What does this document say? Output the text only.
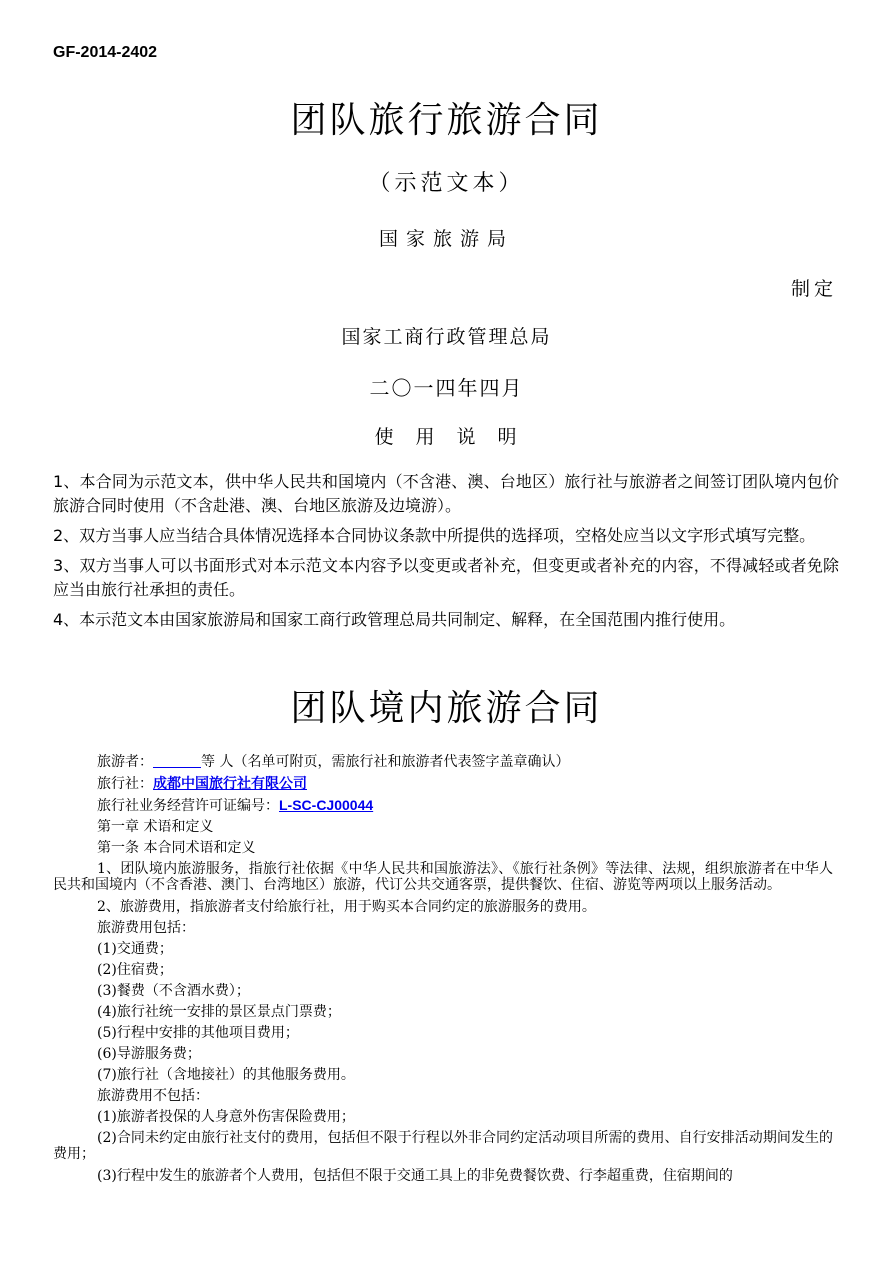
GF-2014-2402
团队旅行旅游合同
（示范文本）
国家旅游局
制定
国家工商行政管理总局
二〇一四年四月
使用说明

1、本合同为示范文本，供中华人民共和国境内（不含港、澳、台地区）旅行社与旅游者之间签订团队境内包价旅游合同时使用（不含赴港、澳、台地区旅游及边境游）。

2、双方当事人应当结合具体情况选择本合同协议条款中所提供的选择项，空格处应当以文字形式填写完整。

3、双方当事人可以书面形式对本示范文本内容予以变更或者补充，但变更或者补充的内容，不得减轻或者免除应当由旅行社承担的责任。

4、本示范文本由国家旅游局和国家工商行政管理总局共同制定、解释，在全国范围内推行使用。

团队境内旅游合同
旅游者：	等 人（名单可附页，需旅行社和旅游者代表签字盖章确认）
旅行社：成都中国旅行社有限公司
旅行社业务经营许可证编号：L-SC-CJ00044
第一章 术语和定义
第一条 本合同术语和定义
1、团队境内旅游服务，指旅行社依据《中华人民共和国旅游法》、《旅行社条例》等法律、法规，组织旅游者在中华人民共和国境内（不含香港、澳门、台湾地区）旅游，代订公共交通客票，提供餐饮、住宿、游览等两项以上服务活动。
2、旅游费用，指旅游者支付给旅行社，用于购买本合同约定的旅游服务的费用。
旅游费用包括：
(1)交通费；
(2)住宿费；
(3)餐费（不含酒水费）；
(4)旅行社统一安排的景区景点门票费；
(5)行程中安排的其他项目费用；
(6)导游服务费；
(7)旅行社（含地接社）的其他服务费用。
旅游费用不包括：
(1)旅游者投保的人身意外伤害保险费用；
(2)合同未约定由旅行社支付的费用，包括但不限于行程以外非合同约定活动项目所需的费用、自行安排活动期间发生的费用；
(3)行程中发生的旅游者个人费用，包括但不限于交通工具上的非免费餐饮费、行李超重费，住宿期间的
